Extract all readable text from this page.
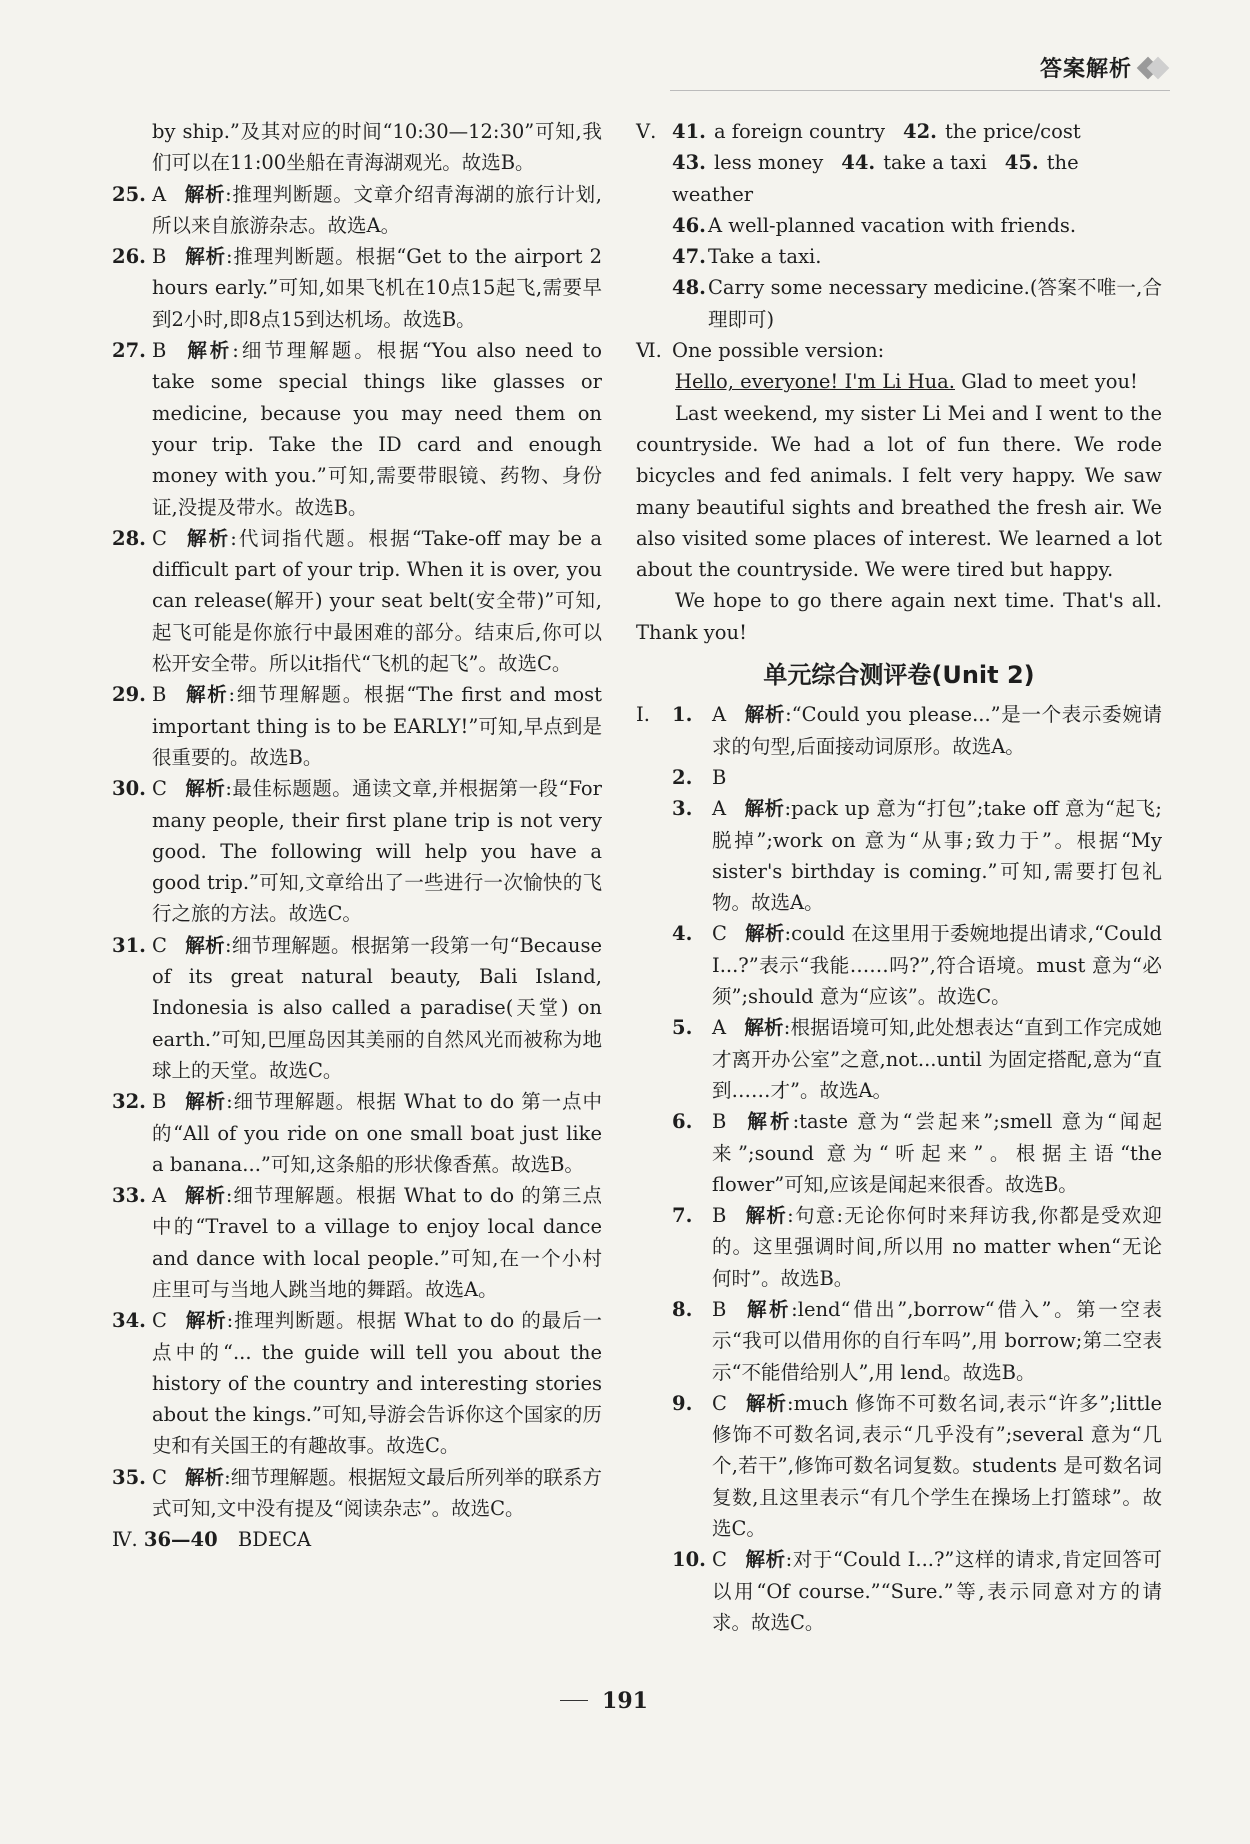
答案解析
by ship.”及其对应的时间“10:30—12:30”可知,我们可以在11:00坐船在青海湖观光。故选B。
25. A 解析:推理判断题。文章介绍青海湖的旅行计划,所以来自旅游杂志。故选A。
26. B 解析:推理判断题。根据“Get to the airport 2 hours early.”可知,如果飞机在10点15起飞,需要早到2小时,即8点15到达机场。故选B。
27. B 解析:细节理解题。根据“You also need to take some special things like glasses or medicine, because you may need them on your trip. Take the ID card and enough money with you.”可知,需要带眼镜、药物、身份证,没提及带水。故选B。
28. C 解析:代词指代题。根据“Take-off may be a difficult part of your trip. When it is over, you can release(解开) your seat belt(安全带)”可知,起飞可能是你旅行中最困难的部分。结束后,你可以松开安全带。所以it指代“飞机的起飞”。故选C。
29. B 解析:细节理解题。根据“The first and most important thing is to be EARLY!”可知,早点到是很重要的。故选B。
30. C 解析:最佳标题题。通读文章,并根据第一段“For many people, their first plane trip is not very good. The following will help you have a good trip.”可知,文章给出了一些进行一次愉快的飞行之旅的方法。故选C。
31. C 解析:细节理解题。根据第一段第一句“Because of its great natural beauty, Bali Island, Indonesia is also called a paradise(天堂) on earth.”可知,巴厘岛因其美丽的自然风光而被称为地球上的天堂。故选C。
32. B 解析:细节理解题。根据 What to do 第一点中的“All of you ride on one small boat just like a banana...”可知,这条船的形状像香蕉。故选B。
33. A 解析:细节理解题。根据 What to do 的第三点中的“Travel to a village to enjoy local dance and dance with local people.”可知,在一个小村庄里可与当地人跳当地的舞蹈。故选A。
34. C 解析:推理判断题。根据 What to do 的最后一点中的“... the guide will tell you about the history of the country and interesting stories about the kings.”可知,导游会告诉你这个国家的历史和有关国王的有趣故事。故选C。
35. C 解析:细节理解题。根据短文最后所列举的联系方式可知,文中没有提及“阅读杂志”。故选C。
Ⅳ. 36—40 BDECA
Ⅴ. 41. a foreign country 42. the price/cost
43. less money 44. take a taxi 45. the weather
46. A well-planned vacation with friends.
47. Take a taxi.
48. Carry some necessary medicine.(答案不唯一,合理即可)
Ⅵ. One possible version:
Hello, everyone! I'm Li Hua. Glad to meet you!
Last weekend, my sister Li Mei and I went to the countryside. We had a lot of fun there. We rode bicycles and fed animals. I felt very happy. We saw many beautiful sights and breathed the fresh air. We also visited some places of interest. We learned a lot about the countryside. We were tired but happy.
We hope to go there again next time. That's all. Thank you!
单元综合测评卷(Unit 2)
Ⅰ. 1. A 解析:“Could you please...”是一个表示委婉请求的句型,后面接动词原形。故选A。
2. B
3. A 解析:pack up 意为“打包”;take off 意为“起飞;脱掉”;work on 意为“从事;致力于”。根据“My sister's birthday is coming.”可知,需要打包礼物。故选A。
4. C 解析:could 在这里用于委婉地提出请求,“Could I...?”表示“我能……吗?”,符合语境。must 意为“必须”;should 意为“应该”。故选C。
5. A 解析:根据语境可知,此处想表达“直到工作完成她才离开办公室”之意,not...until 为固定搭配,意为“直到……才”。故选A。
6. B 解析:taste 意为“尝起来”;smell 意为“闻起来”;sound 意为“听起来”。根据主语“the flower”可知,应该是闻起来很香。故选B。
7. B 解析:句意:无论你何时来拜访我,你都是受欢迎的。这里强调时间,所以用 no matter when“无论何时”。故选B。
8. B 解析:lend“借出”,borrow“借入”。第一空表示“我可以借用你的自行车吗”,用 borrow;第二空表示“不能借给别人”,用 lend。故选B。
9. C 解析:much 修饰不可数名词,表示“许多”;little 修饰不可数名词,表示“几乎没有”;several 意为“几个,若干”,修饰可数名词复数。students 是可数名词复数,且这里表示“有几个学生在操场上打篮球”。故选C。
10. C 解析:对于“Could I...?”这样的请求,肯定回答可以用“Of course.”“Sure.”等,表示同意对方的请求。故选C。
191
